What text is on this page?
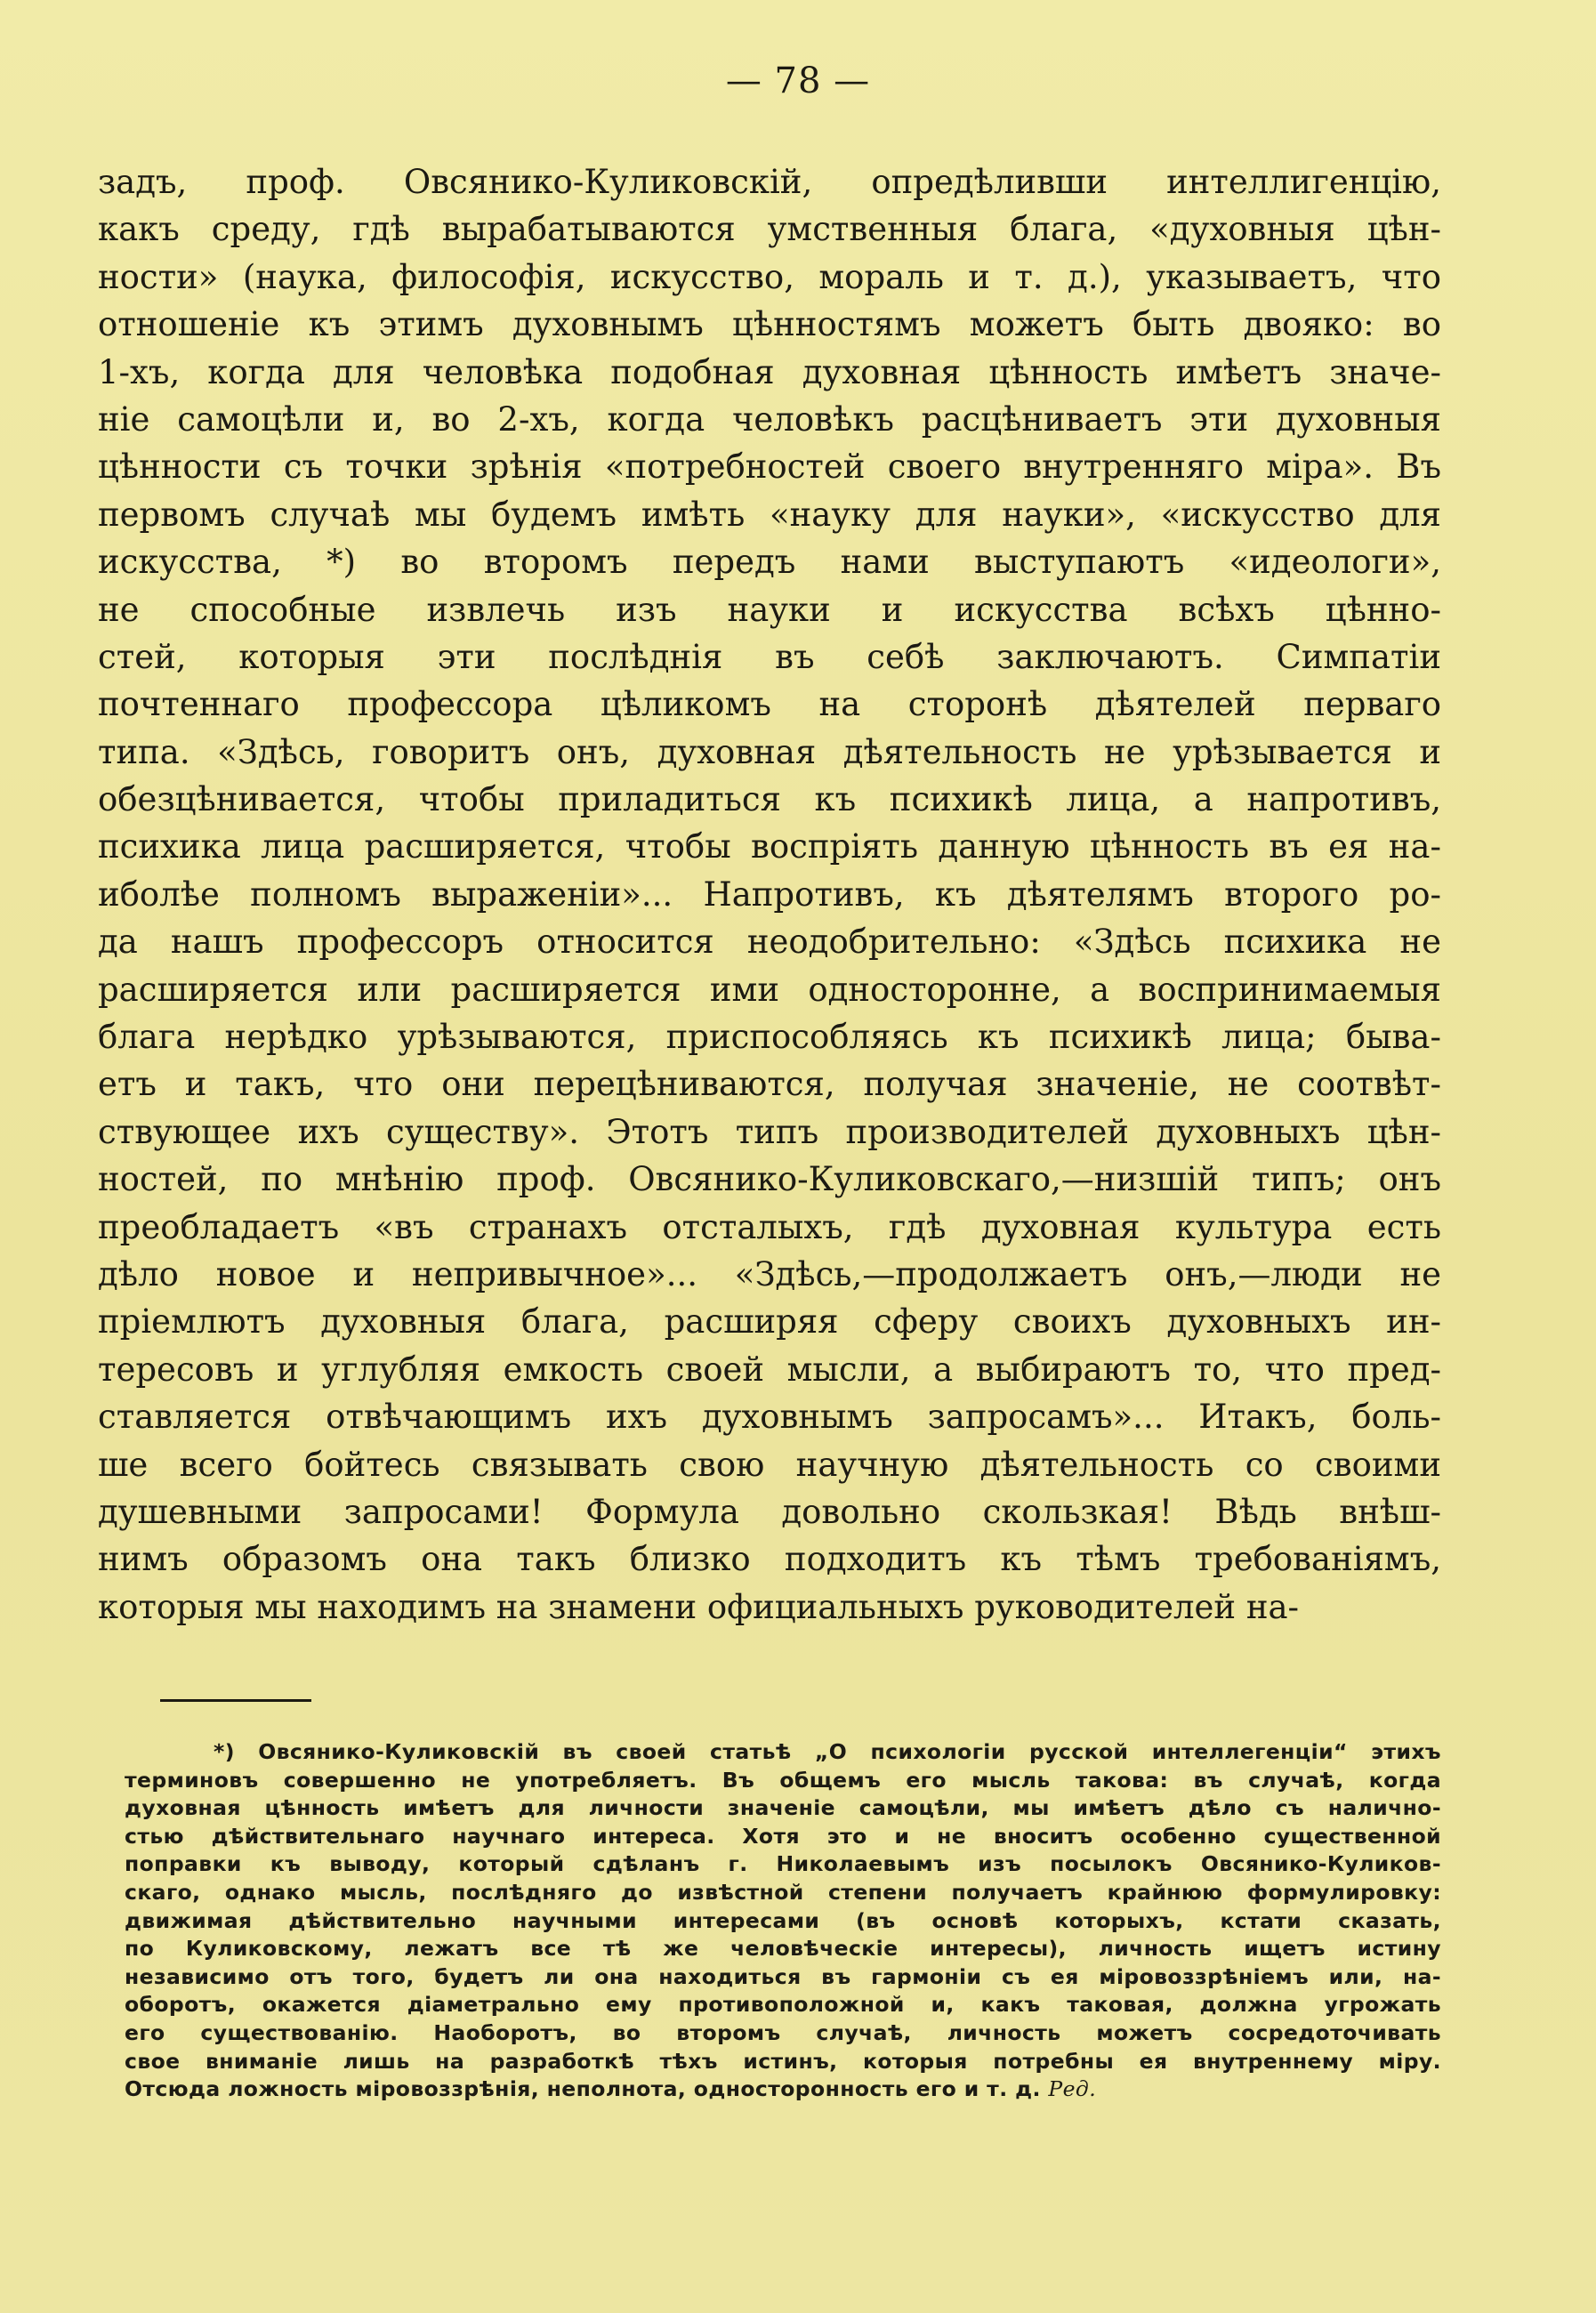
— 78 —
задъ, проф. Овсянико-Куликовскій, опредѣливши интеллигенцію,
какъ среду, гдѣ вырабатываются умственныя блага, «духовныя цѣн-
ности» (наука, философія, искусство, мораль и т. д.), указываетъ, что
отношеніе къ этимъ духовнымъ цѣнностямъ можетъ быть двояко: во
1-хъ, когда для человѣка подобная духовная цѣнность имѣетъ значе-
ніе самоцѣли и, во 2-хъ, когда человѣкъ расцѣниваетъ эти духовныя
цѣнности съ точки зрѣнія «потребностей своего внутренняго міра». Въ
первомъ случаѣ мы будемъ имѣть «науку для науки», «искусство для
искусства, *) во второмъ передъ нами выступаютъ «идеологи»,
не способные извлечь изъ науки и искусства всѣхъ цѣнно-
стей, которыя эти послѣднія въ себѣ заключаютъ. Симпатіи
почтеннаго профессора цѣликомъ на сторонѣ дѣятелей перваго
типа. «Здѣсь, говоритъ онъ, духовная дѣятельность не урѣзывается и
обезцѣнивается, чтобы приладиться къ психикѣ лица, а напротивъ,
психика лица расширяется, чтобы воспріять данную цѣнность въ ея на-
иболѣе полномъ выраженіи»... Напротивъ, къ дѣятелямъ второго ро-
да нашъ профессоръ относится неодобрительно: «Здѣсь психика не
расширяется или расширяется ими односторонне, а воспринимаемыя
блага нерѣдко урѣзываются, приспособляясь къ психикѣ лица; быва-
етъ и такъ, что они перецѣниваются, получая значеніе, не соотвѣт-
ствующее ихъ существу». Этотъ типъ производителей духовныхъ цѣн-
ностей, по мнѣнію проф. Овсянико-Куликовскаго,—низшій типъ; онъ
преобладаетъ «въ странахъ отсталыхъ, гдѣ духовная культура есть
дѣло новое и непривычное»... «Здѣсь,—продолжаетъ онъ,—люди не
пріемлютъ духовныя блага, расширяя сферу своихъ духовныхъ ин-
тересовъ и углубляя емкость своей мысли, а выбираютъ то, что пред-
ставляется отвѣчающимъ ихъ духовнымъ запросамъ»... Итакъ, боль-
ше всего бойтесь связывать свою научную дѣятельность со своими
душевными запросами! Формула довольно скользкая! Вѣдь внѣш-
нимъ образомъ она такъ близко подходитъ къ тѣмъ требованіямъ,
которыя мы находимъ на знамени официальныхъ руководителей на-
*) Овсянико-Куликовскій въ своей статьѣ „О психологіи русской интеллегенціи“ этихъ
терминовъ совершенно не употребляетъ. Въ общемъ его мысль такова: въ случаѣ, когда
духовная цѣнность имѣетъ для личности значеніе самоцѣли, мы имѣетъ дѣло съ наличнo-
стью дѣйствительнаго научнаго интереса. Хотя это и не вноситъ особенно существенной
поправки къ выводу, который сдѣланъ г. Николаевымъ изъ посылокъ Овсянико-Куликов-
скаго, однако мысль, послѣдняго до извѣстной степени получаетъ крайнюю формулировку:
движимая дѣйствительно научными интересами (въ основѣ которыхъ, кстати сказать,
по Куликовскому, лежатъ все тѣ же человѣческіе интересы), личность ищетъ истину
независимо отъ того, будетъ ли она находиться въ гармоніи съ ея міровоззрѣніемъ или, на-
оборотъ, окажется діаметрально ему противоположной и, какъ таковая, должна угрожать
его существованію. Наоборотъ, во второмъ случаѣ, личность можетъ сосредоточивать
свое вниманіе лишь на разработкѣ тѣхъ истинъ, которыя потребны ея внутреннему міру.
Отсюда ложность міровоззрѣнія, неполнота, односторонность его и т. д. Ред.
